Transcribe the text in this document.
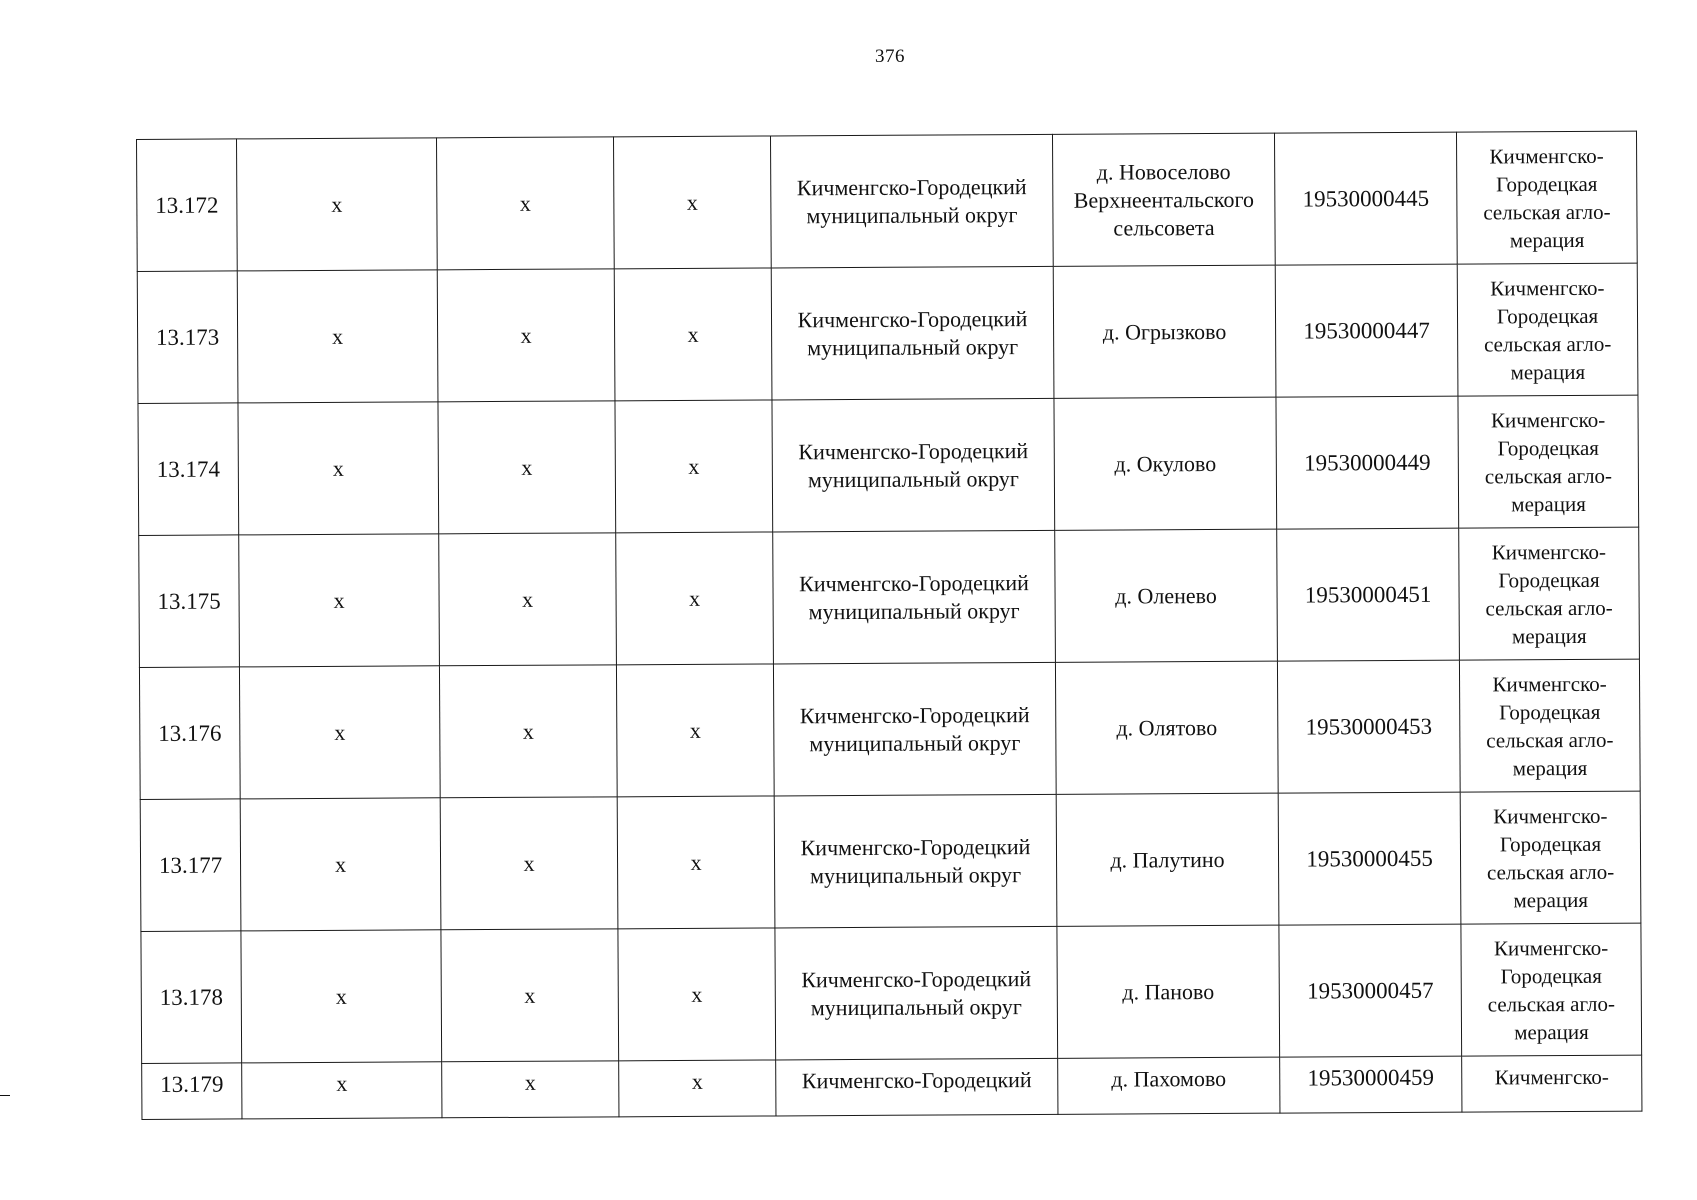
376
13.172	x	x	x	Кичменгско-Городецкий муниципальный округ	д. Новоселово Верхнеентальского сельсовета	19530000445	Кичменгско-Городецкая сельская агло-мерация
13.173	x	x	x	Кичменгско-Городецкий муниципальный округ	д. Огрызково	19530000447	Кичменгско-Городецкая сельская агло-мерация
13.174	x	x	x	Кичменгско-Городецкий муниципальный округ	д. Окулово	19530000449	Кичменгско-Городецкая сельская агло-мерация
13.175	x	x	x	Кичменгско-Городецкий муниципальный округ	д. Оленево	19530000451	Кичменгско-Городецкая сельская агло-мерация
13.176	x	x	x	Кичменгско-Городецкий муниципальный округ	д. Олятово	19530000453	Кичменгско-Городецкая сельская агло-мерация
13.177	x	x	x	Кичменгско-Городецкий муниципальный округ	д. Палутино	19530000455	Кичменгско-Городецкая сельская агло-мерация
13.178	x	x	x	Кичменгско-Городецкий муниципальный округ	д. Паново	19530000457	Кичменгско-Городецкая сельская агло-мерация
13.179	x	x	x	Кичменгско-Городецкий	д. Пахомово	19530000459	Кичменгско-
